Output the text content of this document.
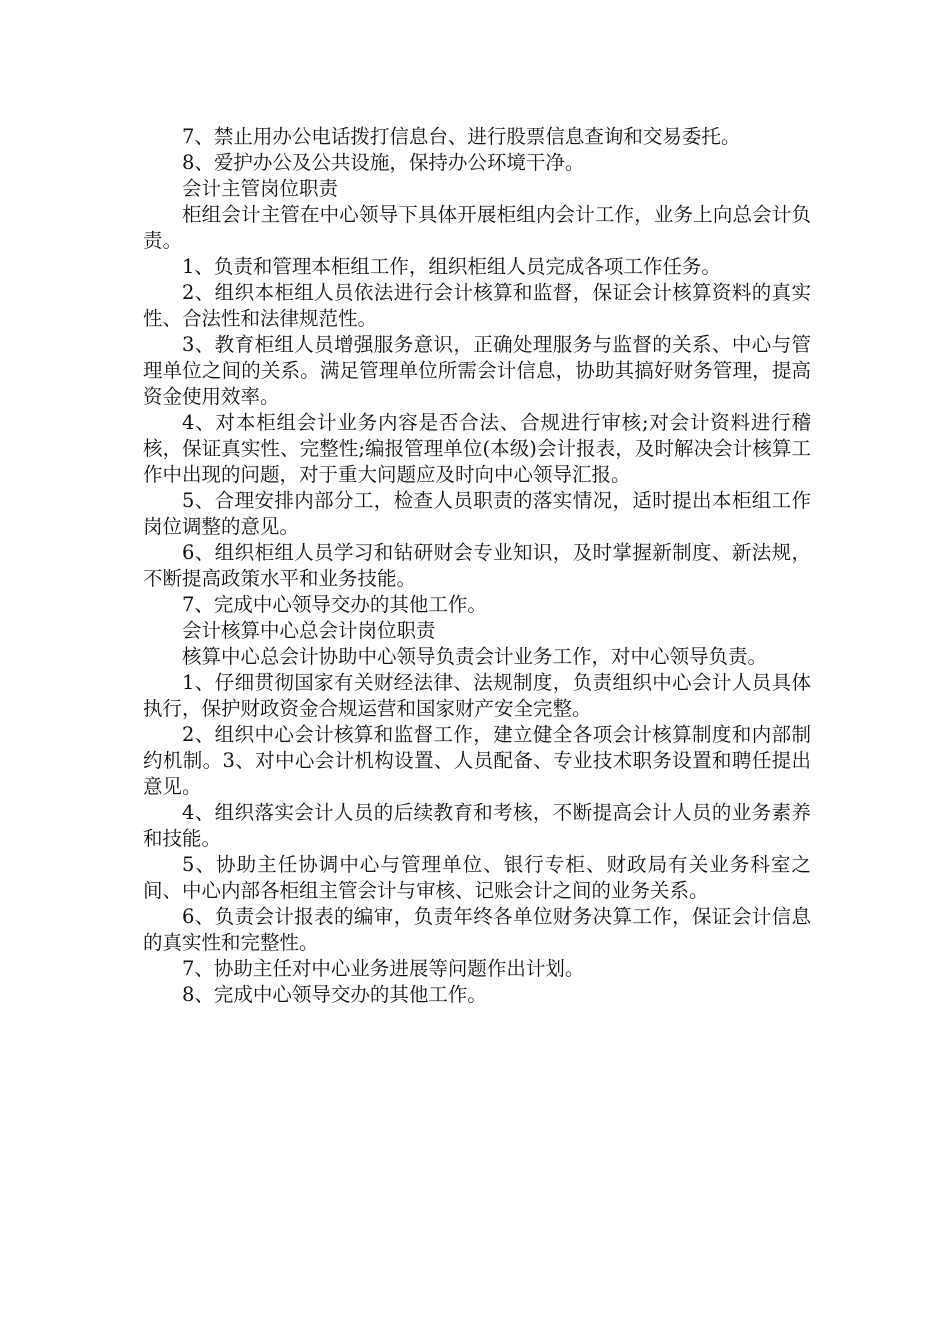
7、禁止用办公电话拨打信息台、进行股票信息查询和交易委托。

8、爱护办公及公共设施，保持办公环境干净。

会计主管岗位职责

柜组会计主管在中心领导下具体开展柜组内会计工作，业务上向总会计负责。

1、负责和管理本柜组工作，组织柜组人员完成各项工作任务。

2、组织本柜组人员依法进行会计核算和监督，保证会计核算资料的真实性、合法性和法律规范性。

3、教育柜组人员增强服务意识，正确处理服务与监督的关系、中心与管理单位之间的关系。满足管理单位所需会计信息，协助其搞好财务管理，提高资金使用效率。

4、对本柜组会计业务内容是否合法、合规进行审核;对会计资料进行稽核，保证真实性、完整性;编报管理单位(本级)会计报表，及时解决会计核算工作中出现的问题，对于重大问题应及时向中心领导汇报。

5、合理安排内部分工，检查人员职责的落实情况，适时提出本柜组工作岗位调整的意见。

6、组织柜组人员学习和钻研财会专业知识，及时掌握新制度、新法规，不断提高政策水平和业务技能。

7、完成中心领导交办的其他工作。

会计核算中心总会计岗位职责

核算中心总会计协助中心领导负责会计业务工作，对中心领导负责。

1、仔细贯彻国家有关财经法律、法规制度，负责组织中心会计人员具体执行，保护财政资金合规运营和国家财产安全完整。

2、组织中心会计核算和监督工作，建立健全各项会计核算制度和内部制约机制。3、对中心会计机构设置、人员配备、专业技术职务设置和聘任提出意见。

4、组织落实会计人员的后续教育和考核，不断提高会计人员的业务素养和技能。

5、协助主任协调中心与管理单位、银行专柜、财政局有关业务科室之间、中心内部各柜组主管会计与审核、记账会计之间的业务关系。

6、负责会计报表的编审，负责年终各单位财务决算工作，保证会计信息的真实性和完整性。

7、协助主任对中心业务进展等问题作出计划。

8、完成中心领导交办的其他工作。
